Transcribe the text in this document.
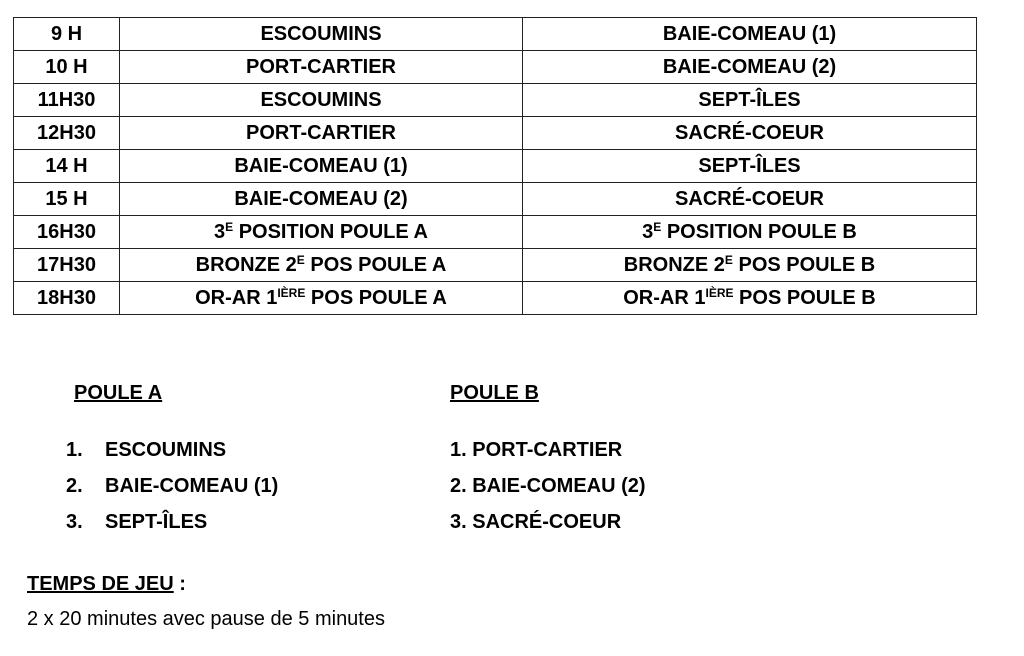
9 H	ESCOUMINS	BAIE-COMEAU (1)
10 H	PORT-CARTIER	BAIE-COMEAU (2)
11H30	ESCOUMINS	SEPT-ÎLES
12H30	PORT-CARTIER	SACRÉ-COEUR
14 H	BAIE-COMEAU (1)	SEPT-ÎLES
15 H	BAIE-COMEAU (2)	SACRÉ-COEUR
16H30	$3^E$ POSITION POULE A	$3^E$ POSITION POULE B
17H30	BRONZE $2^E$ POS POULE A	BRONZE $2^E$ POS POULE B
18H30	OR-AR $1^{IÈRE}$ POS POULE A	OR-AR $1^{IÈRE}$ POS POULE B
POULE A
1. ESCOUMINS
2. BAIE-COMEAU (1)
3. SEPT-ÎLES
POULE B
1. PORT-CARTIER
2. BAIE-COMEAU (2)
3. SACRÉ-COEUR
TEMPS DE JEU :

2 x 20 minutes avec pause de 5 minutes
